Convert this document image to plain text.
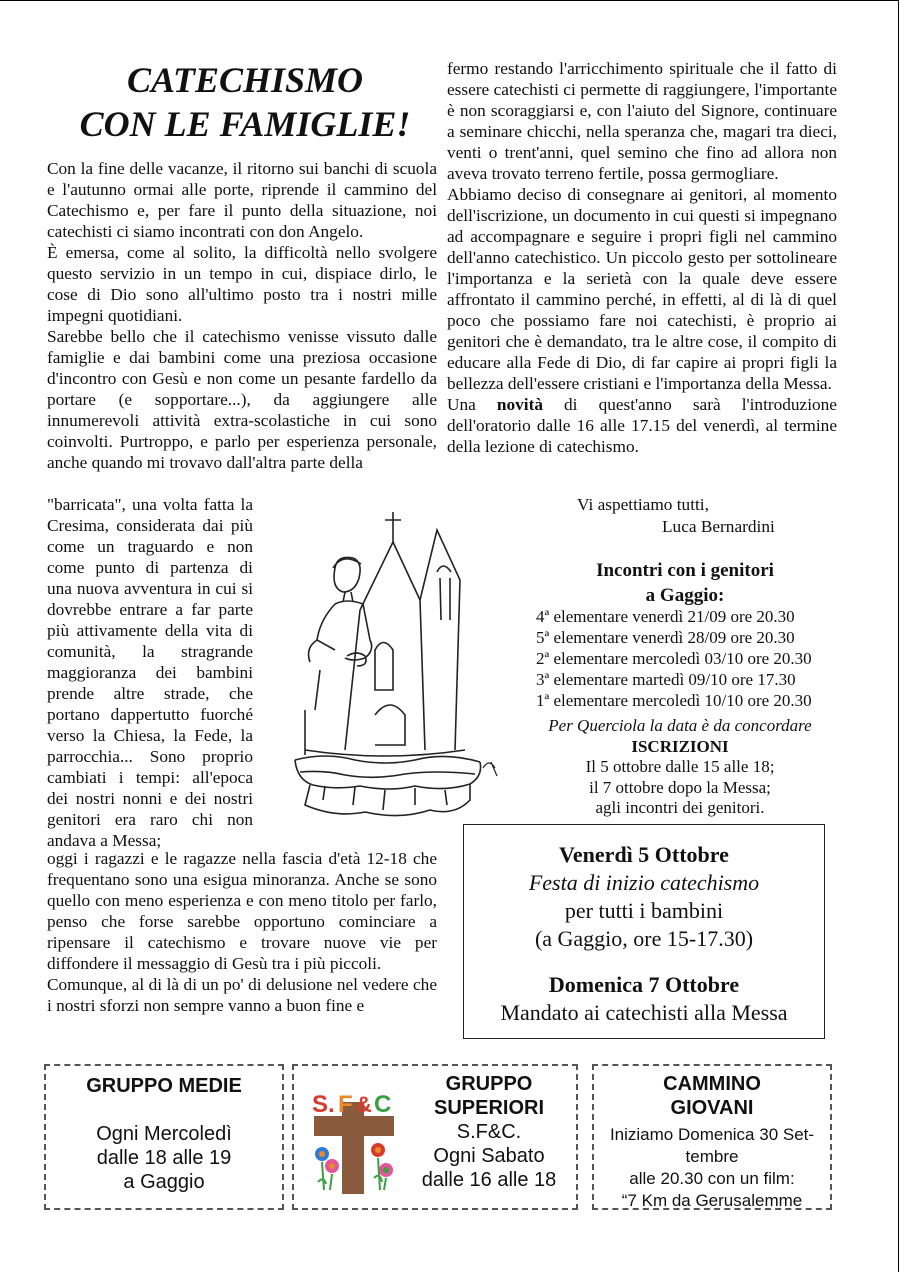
CATECHISMO
CON LE FAMIGLIE!

Con la fine delle vacanze, il ritorno sui banchi di scuola e l'autunno ormai alle porte, riprende il cammino del Catechismo e, per fare il punto della situazione, noi catechisti ci siamo incontrati con don Angelo.

È emersa, come al solito, la difficoltà nello svolgere questo servizio in un tempo in cui, dispiace dirlo, le cose di Dio sono all'ultimo posto tra i nostri mille impegni quotidiani.

Sarebbe bello che il catechismo venisse vissuto dalle famiglie e dai bambini come una preziosa occasione d'incontro con Gesù e non come un pesante fardello da portare (e sopportare...), da aggiungere alle innumerevoli attività extra-scolastiche in cui sono coinvolti. Purtroppo, e parlo per esperienza personale, anche quando mi trovavo dall'altra parte della

"barricata", una volta fatta la Cresima, considerata dai più come un traguardo e non come punto di partenza di una nuova avventura in cui si dovrebbe entrare a far parte più attivamente della vita di comunità, la stragrande maggioranza dei bambini prende altre strade, che portano dappertutto fuorché verso la Chiesa, la Fede, la parrocchia... Sono proprio cambiati i tempi: all'epoca dei nostri nonni e dei nostri genitori era raro chi non andava a Messa;

oggi i ragazzi e le ragazze nella fascia d'età 12-18 che frequentano sono una esigua minoranza. Anche se sono quello con meno esperienza e con meno titolo per farlo, penso che forse sarebbe opportuno cominciare a ripensare il catechismo e trovare nuove vie per diffondere il messaggio di Gesù tra i più piccoli.

Comunque, al di là di un po' di delusione nel vedere che i nostri sforzi non sempre vanno a buon fine e

fermo restando l'arricchimento spirituale che il fatto di essere catechisti ci permette di raggiungere, l'importante è non scoraggiarsi e, con l'aiuto del Signore, continuare a seminare chicchi, nella speranza che, magari tra dieci, venti o trent'anni, quel semino che fino ad allora non aveva trovato terreno fertile, possa germogliare.

Abbiamo deciso di consegnare ai genitori, al momento dell'iscrizione, un documento in cui questi si impegnano ad accompagnare e seguire i propri figli nel cammino dell'anno catechistico. Un piccolo gesto per sottolineare l'importanza e la serietà con la quale deve essere affrontato il cammino perché, in effetti, al di là di quel poco che possiamo fare noi catechisti, è proprio ai genitori che è demandato, tra le altre cose, il compito di educare alla Fede di Dio, di far capire ai propri figli la bellezza dell'essere cristiani e l'importanza della Messa.

Una novità di quest'anno sarà l'introduzione dell'oratorio dalle 16 alle 17.15 del venerdì, al termine della lezione di catechismo.

Vi aspettiamo tutti,
Luca Bernardini
Incontri con i genitori
a Gaggio:
4ª elementare venerdì 21/09 ore 20.30
5ª elementare venerdì 28/09 ore 20.30
2ª elementare mercoledì 03/10 ore 20.30
3ª elementare martedì 09/10 ore 17.30
1ª elementare mercoledì 10/10 ore 20.30
Per Querciola la data è da concordare
ISCRIZIONI
Il 5 ottobre dalle 15 alle 18;
il 7 ottobre dopo la Messa;
agli incontri dei genitori.
Venerdì 5 Ottobre
Festa di inizio catechismo
per tutti i bambini
(a Gaggio, ore 15-17.30)
Domenica 7 Ottobre
Mandato ai catechisti alla Messa
GRUPPO MEDIE
Ogni Mercoledì
dalle 18 alle 19
a Gaggio
S. F & C
GRUPPO
SUPERIORI
S.F&C.
Ogni Sabato
dalle 16 alle 18
CAMMINO
GIOVANI
Iniziamo Domenica 30 Set-
tembre
alle 20.30 con un film:
“7 Km da Gerusalemme
